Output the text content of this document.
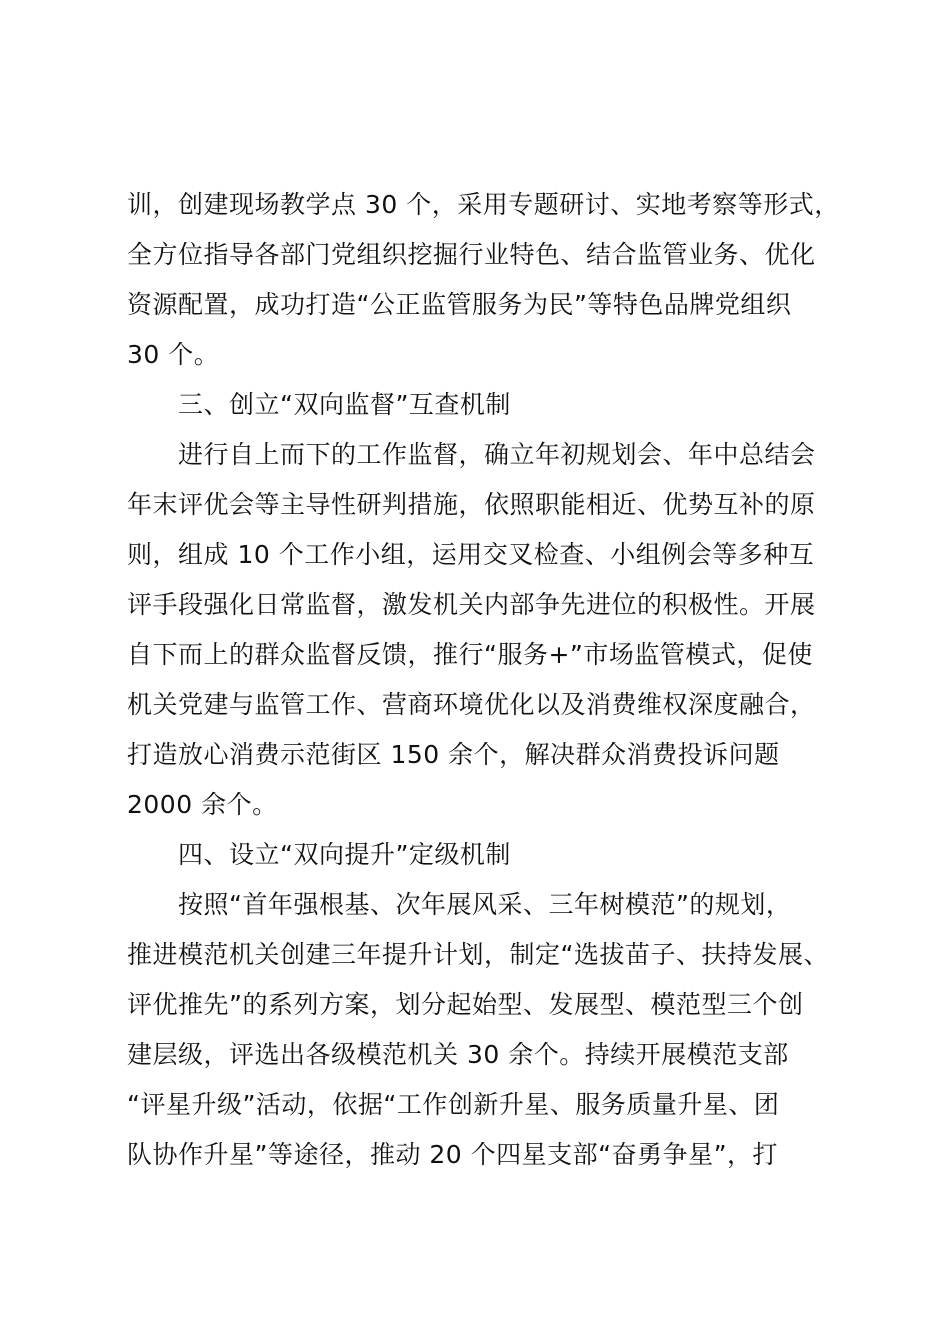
训，创建现场教学点 30 个，采用专题研讨、实地考察等形式，
全方位指导各部门党组织挖掘行业特色、结合监管业务、优化
资源配置，成功打造“公正监管服务为民”等特色品牌党组织
30 个。
三、创立“双向监督”互查机制
进行自上而下的工作监督，确立年初规划会、年中总结会
年末评优会等主导性研判措施，依照职能相近、优势互补的原
则，组成 10 个工作小组，运用交叉检查、小组例会等多种互
评手段强化日常监督，激发机关内部争先进位的积极性。开展
自下而上的群众监督反馈，推行“服务+”市场监管模式，促使
机关党建与监管工作、营商环境优化以及消费维权深度融合，
打造放心消费示范街区 150 余个，解决群众消费投诉问题
2000 余个。
四、设立“双向提升”定级机制
按照“首年强根基、次年展风采、三年树模范”的规划，
推进模范机关创建三年提升计划，制定“选拔苗子、扶持发展、
评优推先”的系列方案，划分起始型、发展型、模范型三个创
建层级，评选出各级模范机关 30 余个。持续开展模范支部
“评星升级”活动，依据“工作创新升星、服务质量升星、团
队协作升星”等途径，推动 20 个四星支部“奋勇争星”，打
